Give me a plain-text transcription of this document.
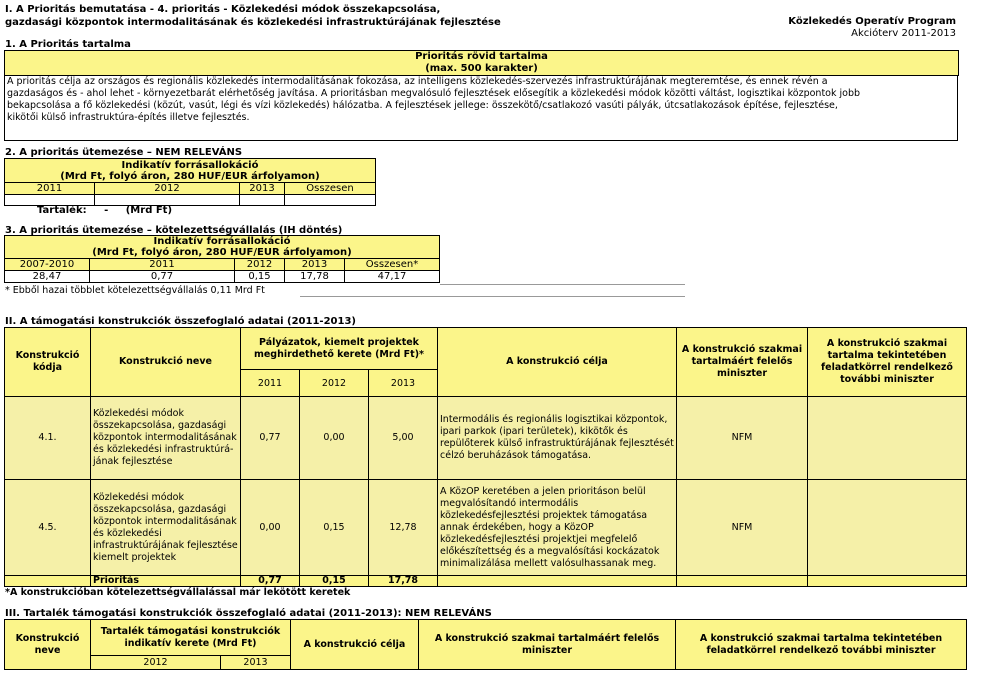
I. A Prioritás bemutatása - 4. prioritás - Közlekedési módok összekapcsolása,
gazdasági központok intermodalitásának és közlekedési infrastruktúrájának fejlesztése	Közlekedés Operatív Program
Akcióterv 2011-2013
1. A Prioritás tartalma
Prioritás rövid tartalma
(max. 500 karakter)
A prioritás célja az országos és regionális közlekedés intermodalitásának fokozása, az intelligens közlekedés-szervezés infrastruktúrájának megteremtése, és ennek révén a
gazdaságos és - ahol lehet - környezetbarát elérhetőség javítása. A prioritásban megvalósuló fejlesztések elősegítik a közlekedési módok közötti váltást, logisztikai központok jobb
bekapcsolása a fő közlekedési (közút, vasút, légi és vízi közlekedés) hálózatba. A fejlesztések jellege: összekötő/csatlakozó vasúti pályák, útcsatlakozások építése, fejlesztése,
kikötői külső infrastruktúra-építés illetve fejlesztés.
2. A prioritás ütemezése – NEM RELEVÁNS
Indikatív forrásallokáció
(Mrd Ft, folyó áron, 280 HUF/EUR árfolyamon)			

2011	2012	2013	Összesen

Tartalék: - (Mrd Ft)
3. A prioritás ütemezése – kötelezettségvállalás (IH döntés)
Indikatív forrásallokáció
(Mrd Ft, folyó áron, 280 HUF/EUR árfolyamon)				

2007-2010	2011	2012	2013	Összesen*
28,47	0,77	0,15	17,78	47,17
* Ebből hazai többlet kötelezettségvállalás 0,11 Mrd Ft
II. A támogatási konstrukciók összefoglaló adatai (2011-2013)
Konstrukció kódja	Konstrukció neve	Pályázatok, kiemelt projektek meghirdethető kerete (Mrd Ft)*			A konstrukció célja	A konstrukció szakmai tartalmáért felelős miniszter	A konstrukció szakmai tartalma tekintetében feladatkörrel rendelkező további miniszter
		2011	2012	2013			
4.1.	Közlekedési módok összekapcsolása, gazdasági központok intermodalitásának és közlekedési infrastruktúrá-jának fejlesztése	0,77	0,00	5,00	Intermodális és regionális logisztikai központok, ipari parkok (ipari területek), kikötők és repülőterek külső infrastruktúrájának fejlesztését célzó beruházások támogatása.	NFM	
4.5.	Közlekedési módok összekapcsolása, gazdasági központok intermodalitásának és közlekedési infrastruktúrájának fejlesztése kiemelt projektek	0,00	0,15	12,78	A KözOP keretében a jelen prioritáson belül megvalósítandó intermodális közlekedésfejlesztési projektek támogatása annak érdekében, hogy a KözOP közlekedésfejlesztési projektjei megfelelő előkészítettség és a megvalósítási kockázatok minimalizálása mellett valósulhassanak meg.	NFM	
	Prioritás	0,77	0,15	17,78			
*A konstrukcióban kötelezettségvállalással már lekötött keretek
III. Tartalék támogatási konstrukciók összefoglaló adatai (2011-2013): NEM RELEVÁNS
Konstrukció neve	Tartalék támogatási konstrukciók indikatív kerete (Mrd Ft)		A konstrukció célja	A konstrukció szakmai tartalmáért felelős miniszter	A konstrukció szakmai tartalma tekintetében feladatkörrel rendelkező további miniszter
	2012	2013			
